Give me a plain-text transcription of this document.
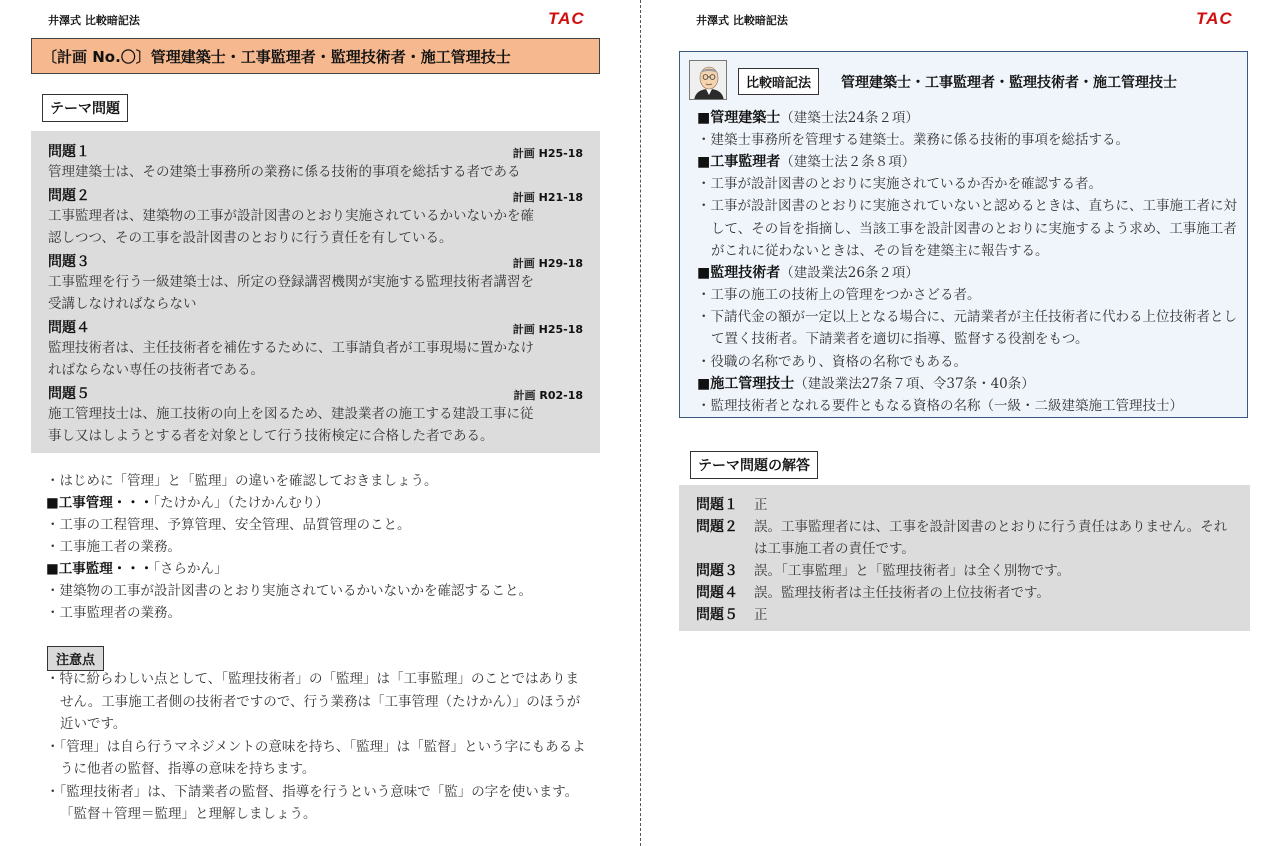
井澤式 比較暗記法	TAC
〔計画 No.〇〕管理建築士・工事監理者・監理技術者・施工管理技士
テーマ問題
問題１	計画 H25-18
管理建築士は、その建築士事務所の業務に係る技術的事項を総括する者である
問題２	計画 H21-18
工事監理者は、建築物の工事が設計図書のとおり実施されているかいないかを確
認しつつ、その工事を設計図書のとおりに行う責任を有している。
問題３	計画 H29-18
工事監理を行う一級建築士は、所定の登録講習機関が実施する監理技術者講習を
受講しなければならない
問題４	計画 H25-18
監理技術者は、主任技術者を補佐するために、工事請負者が工事現場に置かなけ
ればならない専任の技術者である。
問題５	計画 R02-18
施工管理技士は、施工技術の向上を図るため、建設業者の施工する建設工事に従
事し又はしようとする者を対象として行う技術検定に合格した者である。
・はじめに「管理」と「監理」の違いを確認しておきましょう。
■工事管理・・・「たけかん」（たけかんむり）
・工事の工程管理、予算管理、安全管理、品質管理のこと。
・工事施工者の業務。
■工事監理・・・「さらかん」
・建築物の工事が設計図書のとおり実施されているかいないかを確認すること。
・工事監理者の業務。
注意点
・特に紛らわしい点として、「監理技術者」の「監理」は「工事監理」のことではありません。工事施工者側の技術者ですので、行う業務は「工事管理（たけかん）」のほうが近いです。
・「管理」は自ら行うマネジメントの意味を持ち、「監理」は「監督」という字にもあるように他者の監督、指導の意味を持ちます。
・「監理技術者」は、下請業者の監督、指導を行うという意味で「監」の字を使います。「監督＋管理＝監理」と理解しましょう。
井澤式 比較暗記法	TAC
比較暗記法	管理建築士・工事監理者・監理技術者・施工管理技士
■管理建築士（建築士法24条２項）
・建築士事務所を管理する建築士。業務に係る技術的事項を総括する。
■工事監理者（建築士法２条８項）
・工事が設計図書のとおりに実施されているか否かを確認する者。
・工事が設計図書のとおりに実施されていないと認めるときは、直ちに、工事施工者に対して、その旨を指摘し、当該工事を設計図書のとおりに実施するよう求め、工事施工者がこれに従わないときは、その旨を建築主に報告する。
■監理技術者（建設業法26条２項）
・工事の施工の技術上の管理をつかさどる者。
・下請代金の額が一定以上となる場合に、元請業者が主任技術者に代わる上位技術者として置く技術者。下請業者を適切に指導、監督する役割をもつ。
・役職の名称であり、資格の名称でもある。
■施工管理技士（建設業法27条７項、令37条・40条）
・監理技術者となれる要件ともなる資格の名称（一級・二級建築施工管理技士）
テーマ問題の解答
問題１	正
問題２	誤。工事監理者には、工事を設計図書のとおりに行う責任はありません。それは工事施工者の責任です。
問題３	誤。「工事監理」と「監理技術者」は全く別物です。
問題４	誤。監理技術者は主任技術者の上位技術者です。
問題５	正
